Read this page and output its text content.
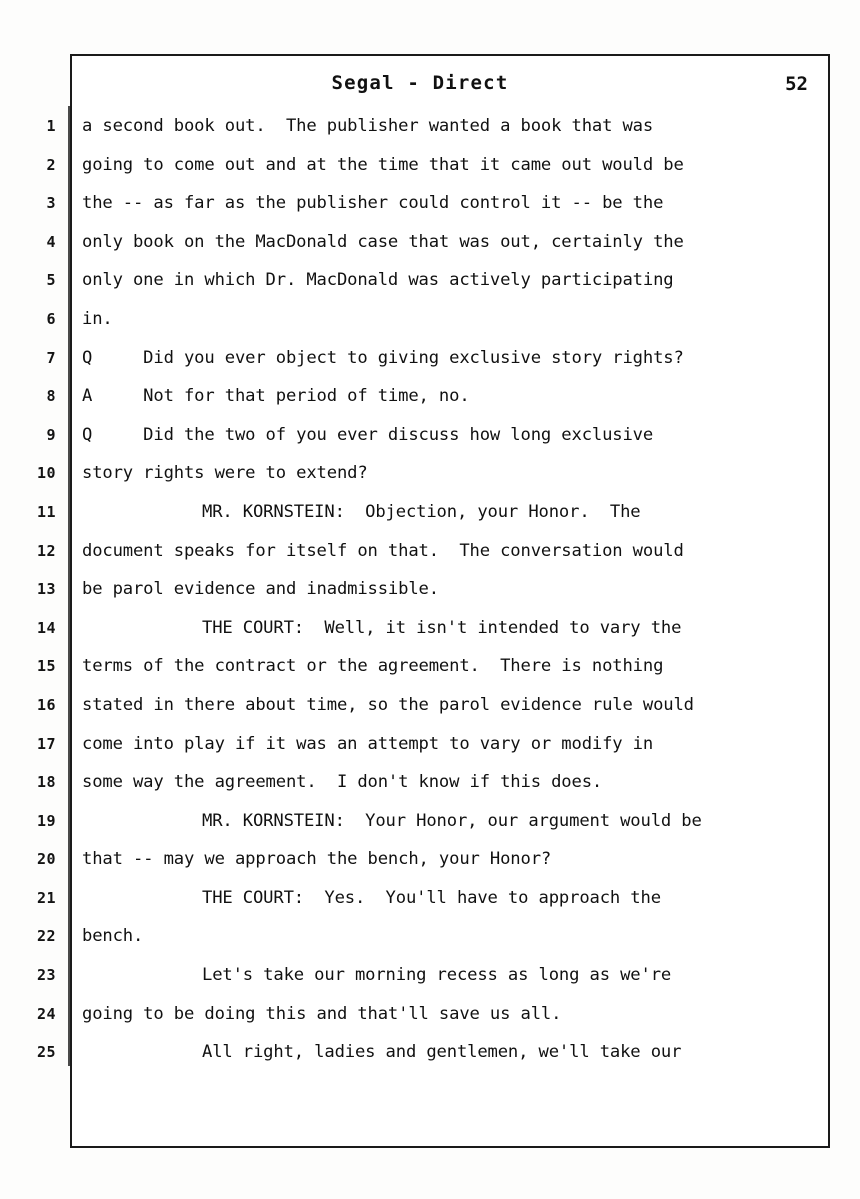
Segal - Direct	52
1 a second book out.  The publisher wanted a book that was
2 going to come out and at the time that it came out would be
3 the -- as far as the publisher could control it -- be the
4 only book on the MacDonald case that was out, certainly the
5 only one in which Dr. MacDonald was actively participating
6 in.
7 Q     Did you ever object to giving exclusive story rights?
8 A     Not for that period of time, no.
9 Q     Did the two of you ever discuss how long exclusive
10 story rights were to extend?
11	MR. KORNSTEIN:  Objection, your Honor.  The
12 document speaks for itself on that.  The conversation would
13 be parol evidence and inadmissible.
14	THE COURT:  Well, it isn't intended to vary the
15 terms of the contract or the agreement.  There is nothing
16 stated in there about time, so the parol evidence rule would
17 come into play if it was an attempt to vary or modify in
18 some way the agreement.  I don't know if this does.
19	MR. KORNSTEIN:  Your Honor, our argument would be
20 that -- may we approach the bench, your Honor?
21	THE COURT:  Yes.  You'll have to approach the
22 bench.
23	Let's take our morning recess as long as we're
24 going to be doing this and that'll save us all.
25	All right, ladies and gentlemen, we'll take our
